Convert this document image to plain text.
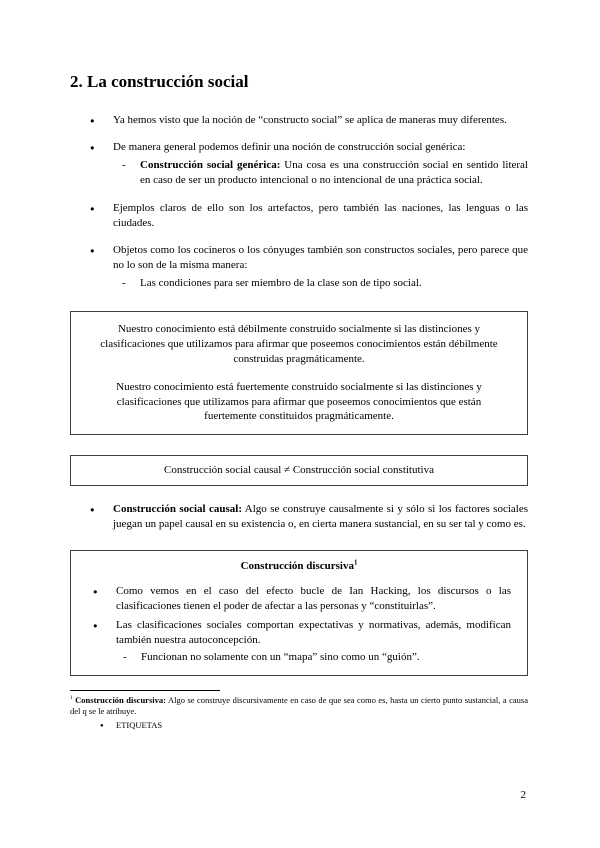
2. La construcción social
●	Ya hemos visto que la noción de “constructo social” se aplica de maneras muy diferentes.
●	De manera general podemos definir una noción de construcción social genérica:
-	Construcción social genérica: Una cosa es una construcción social en sentido literal en caso de ser un producto intencional o no intencional de una práctica social.
●	Ejemplos claros de ello son los artefactos, pero también las naciones, las lenguas o las ciudades.
●	Objetos como los cocineros o los cónyuges también son constructos sociales, pero parece que no lo son de la misma manera:
-	Las condiciones para ser miembro de la clase son de tipo social.

Nuestro conocimiento está débilmente construido socialmente si las distinciones y clasificaciones que utilizamos para afirmar que poseemos conocimientos están débilmente construidas pragmáticamente.

Nuestro conocimiento está fuertemente construido socialmente si las distinciones y clasificaciones que utilizamos para afirmar que poseemos conocimientos que están fuertemente constituidos pragmáticamente.

Construcción social causal ≠ Construcción social constitutiva

●	Construcción social causal: Algo se construye causalmente si y sólo si los factores sociales juegan un papel causal en su existencia o, en cierta manera sustancial, en su ser tal y como es.

Construcción discursiva$^1$

●	Como vemos en el caso del efecto bucle de Ian Hacking, los discursos o las clasificaciones tienen el poder de afectar a las personas y “constituirlas”.
●	Las clasificaciones sociales comportan expectativas y normativas, además, modifican también nuestra autoconcepción.
-	Funcionan no solamente con un “mapa” sino como un “guión”.

$^1$ Construcción discursiva: Algo se construye discursivamente en caso de que sea como es, hasta un cierto punto sustancial, a causa del q se le atribuye.

●	ETIQUETAS
2
